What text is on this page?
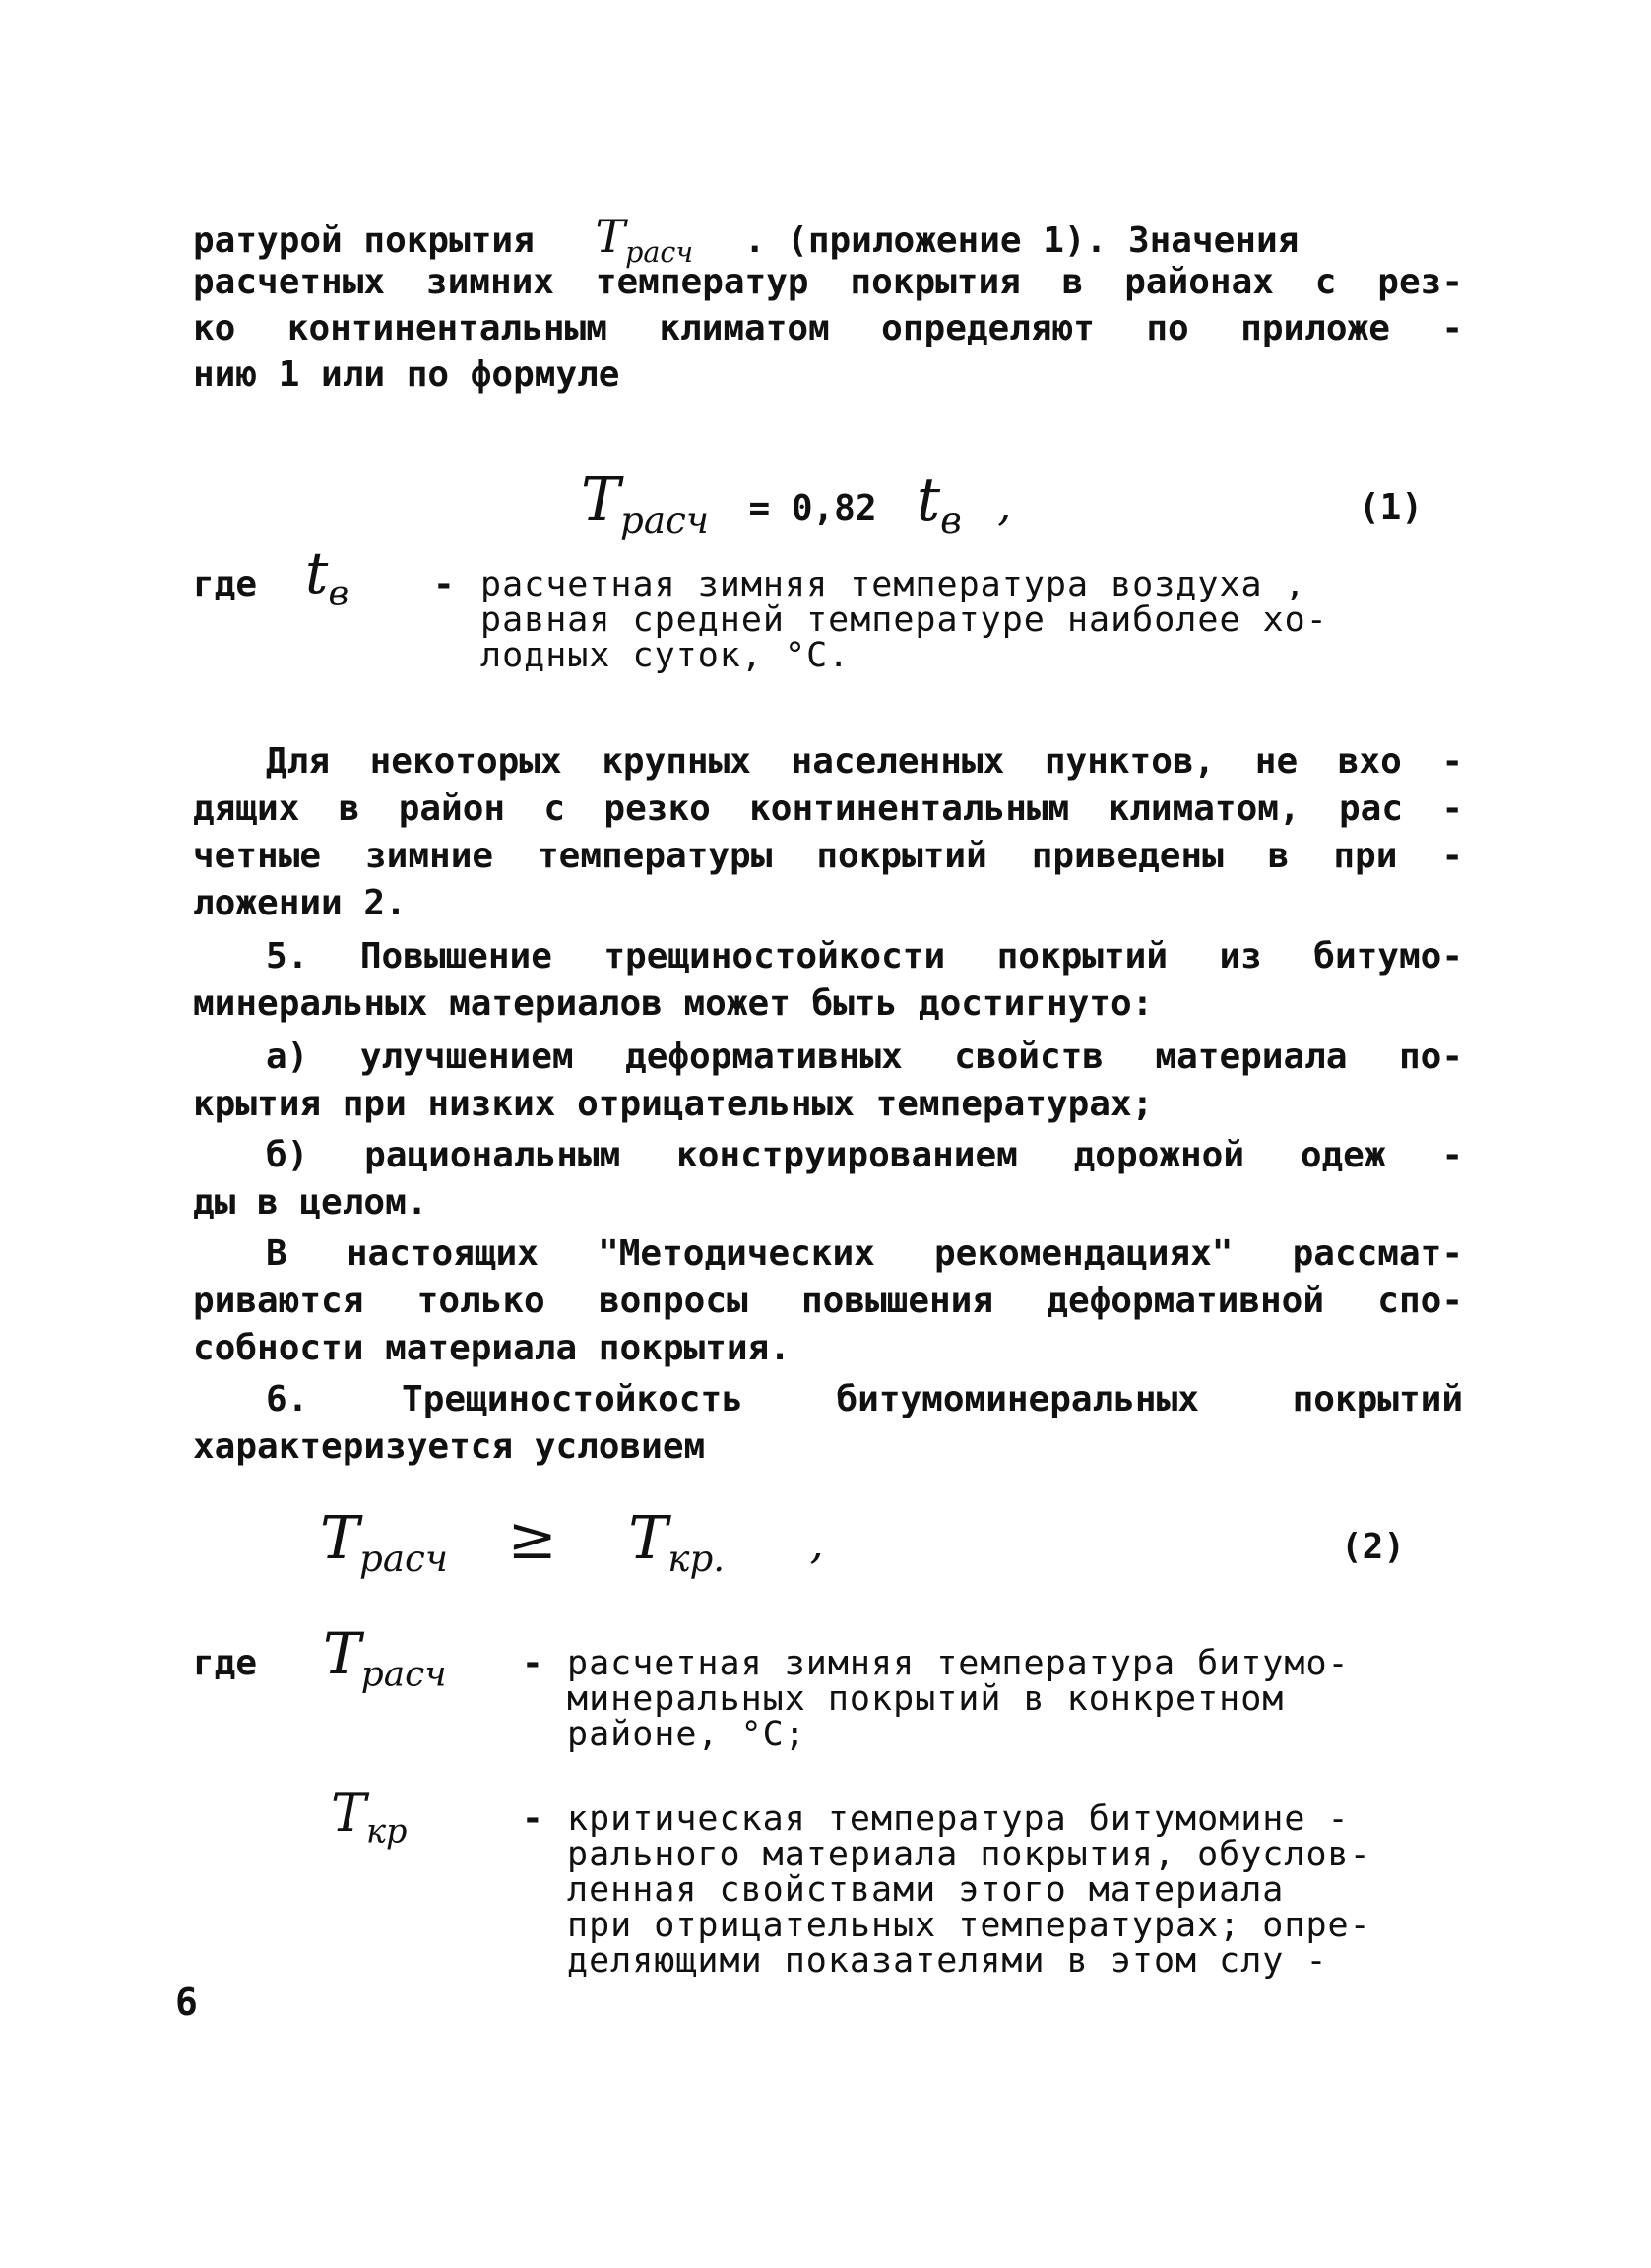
ратурой покрытия $T_{расч}$ . (приложение 1). Значения
расчетных зимних температур покрытия в районах с рез-
ко континентальным климатом определяют по приложе -
нию 1 или по формуле
$T_{расч} = 0,82$ $t_в$ ,	(1)
где $t_в$ - расчетная зимняя температура воздуха ,
равная средней температуре наиболее хо-
лодных суток, °С.
Для некоторых крупных населенных пунктов, не вхо -
дящих в район с резко континентальным климатом, рас -
четные зимние температуры покрытий приведены в при -
ложении 2.
5. Повышение трещиностойкости покрытий из битумо-
минеральных материалов может быть достигнуто:
а) улучшением деформативных свойств материала по-
крытия при низких отрицательных температурах;
б) рациональным конструированием дорожной одеж -
ды в целом.
В настоящих "Методических рекомендациях" рассмат-
риваются только вопросы повышения деформативной спо-
собности материала покрытия.
6. Трещиностойкость битумоминеральных покрытий
характеризуется условием
$T_{расч} \ge T_{кр.}$ ,	(2)
где $T_{расч}$ - расчетная зимняя температура битумо-
минеральных покрытий в конкретном
районе, °С;
$T_{кр}$	- критическая температура битумомине -
рального материала покрытия, обуслов-
ленная свойствами этого материала
при отрицательных температурах; опре-
деляющими показателями в этом слу -
6
